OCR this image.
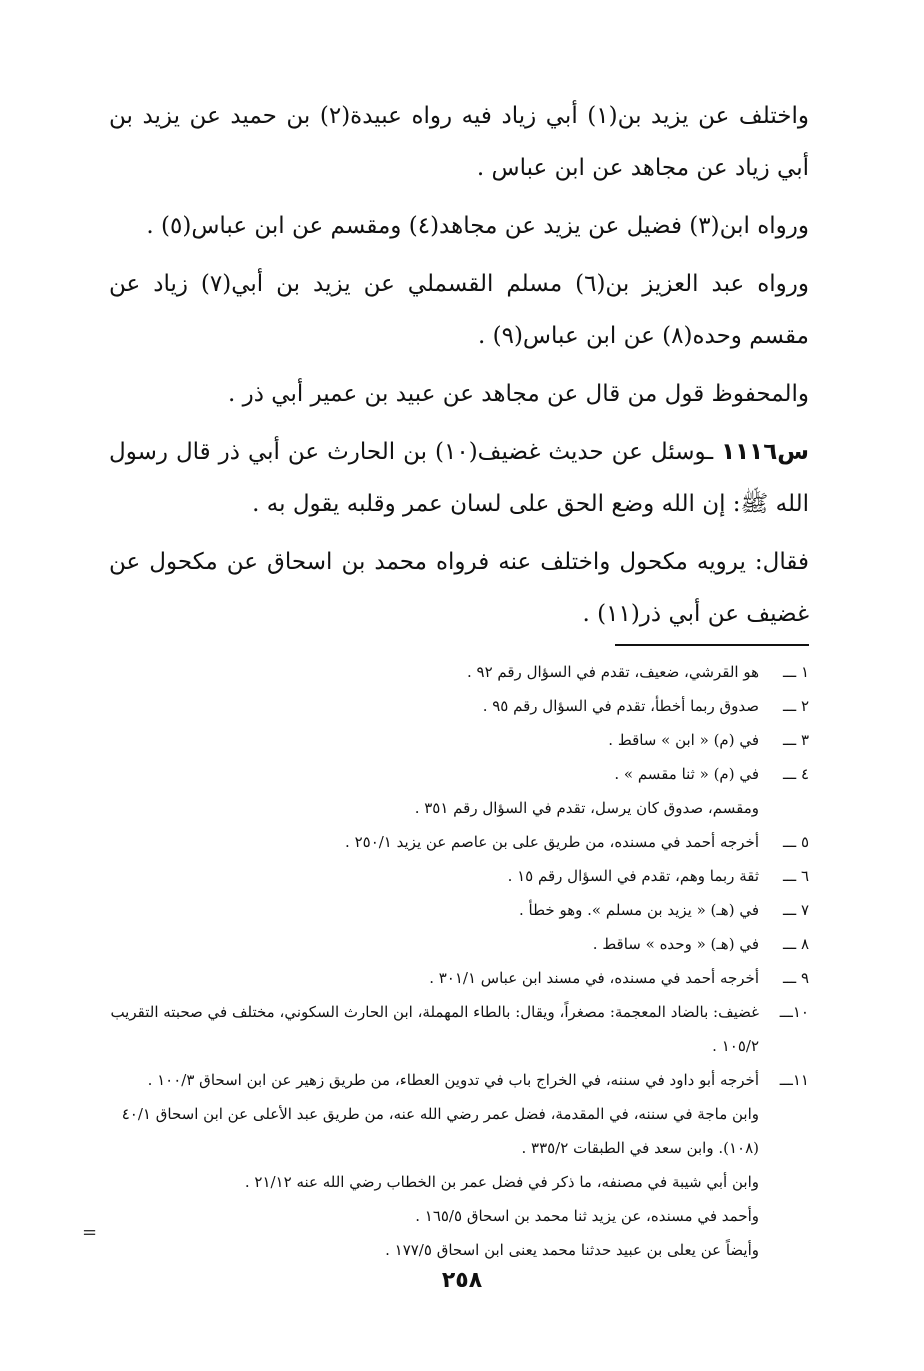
واختلف عن يزيد بن(١) أبي زياد فيه رواه عبيدة(٢) بن حميد عن يزيد بن أبي زياد عن مجاهد عن ابن عباس .

ورواه ابن(٣) فضيل عن يزيد عن مجاهد(٤) ومقسم عن ابن عباس(٥) .

ورواه عبد العزيز بن(٦) مسلم القسملي عن يزيد بن أبي(٧) زياد عن مقسم وحده(٨) عن ابن عباس(٩) .

والمحفوظ قول من قال عن مجاهد عن عبيد بن عمير أبي ذر .

س١١١٦ ـوسئل عن حديث غضيف(١٠) بن الحارث عن أبي ذر قال رسول الله ﷺ: إن الله وضع الحق على لسان عمر وقلبه يقول به .

فقال: يرويه مكحول واختلف عنه فرواه محمد بن اسحاق عن مكحول عن غضيف عن أبي ذر(١١) .

١ ـــ
هو القرشي، ضعيف، تقدم في السؤال رقم ٩٢ .
٢ ـــ
صدوق ربما أخطأ، تقدم في السؤال رقم ٩٥ .
٣ ـــ
في (م) « ابن » ساقط .
٤ ـــ
في (م) « ثنا مقسم » .
ومقسم، صدوق كان يرسل، تقدم في السؤال رقم ٣٥١ .
٥ ـــ
أخرجه أحمد في مسنده، من طريق على بن عاصم عن يزيد ٢٥٠/١ .
٦ ـــ
ثقة ربما وهم، تقدم في السؤال رقم ١٥ .
٧ ـــ
في (هـ) « يزيد بن مسلم ». وهو خطأ .
٨ ـــ
في (هـ) « وحده » ساقط .
٩ ـــ
أخرجه أحمد في مسنده، في مسند ابن عباس ٣٠١/١ .
١٠ـــ
غضيف: بالضاد المعجمة: مصغراً، ويقال: بالطاء المهملة، ابن الحارث السكوني، مختلف في صحبته التقريب ١٠٥/٢ .
١١ـــ
أخرجه أبو داود في سننه، في الخراج باب في تدوين العطاء، من طريق زهير عن ابن اسحاق ١٠٠/٣ .
وابن ماجة في سننه، في المقدمة، فضل عمر رضي الله عنه، من طريق عبد الأعلى عن ابن اسحاق ٤٠/١ (١٠٨). وابن سعد في الطبقات ٣٣٥/٢ .
وابن أبي شيبة في مصنفه، ما ذكر في فضل عمر بن الخطاب رضي الله عنه ٢١/١٢ .
وأحمد في مسنده، عن يزيد ثنا محمد بن اسحاق ١٦٥/٥ .
وأيضاً عن يعلى بن عبيد حدثنا محمد يعنى ابن اسحاق ١٧٧/٥ .
=
٢٥٨
